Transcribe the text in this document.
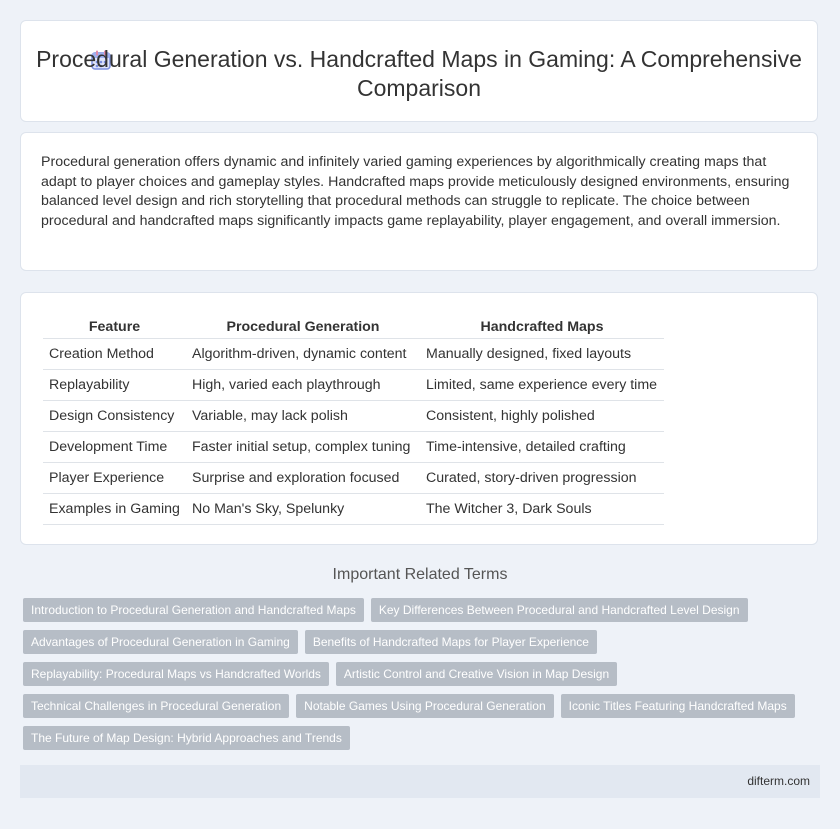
Procedural Generation vs. Handcrafted Maps in Gaming: A Comprehensive Comparison
Procedural generation offers dynamic and infinitely varied gaming experiences by algorithmically creating maps that adapt to player choices and gameplay styles. Handcrafted maps provide meticulously designed environments, ensuring balanced level design and rich storytelling that procedural methods can struggle to replicate. The choice between procedural and handcrafted maps significantly impacts game replayability, player engagement, and overall immersion.
Feature	Procedural Generation	Handcrafted Maps
Creation Method	Algorithm-driven, dynamic content	Manually designed, fixed layouts
Replayability	High, varied each playthrough	Limited, same experience every time
Design Consistency	Variable, may lack polish	Consistent, highly polished
Development Time	Faster initial setup, complex tuning	Time-intensive, detailed crafting
Player Experience	Surprise and exploration focused	Curated, story-driven progression
Examples in Gaming	No Man's Sky, Spelunky	The Witcher 3, Dark Souls
Important Related Terms
Introduction to Procedural Generation and Handcrafted Maps	Key Differences Between Procedural and Handcrafted Level Design
Advantages of Procedural Generation in Gaming	Benefits of Handcrafted Maps for Player Experience
Replayability: Procedural Maps vs Handcrafted Worlds	Artistic Control and Creative Vision in Map Design
Technical Challenges in Procedural Generation	Notable Games Using Procedural Generation	Iconic Titles Featuring Handcrafted Maps
The Future of Map Design: Hybrid Approaches and Trends
difterm.com
